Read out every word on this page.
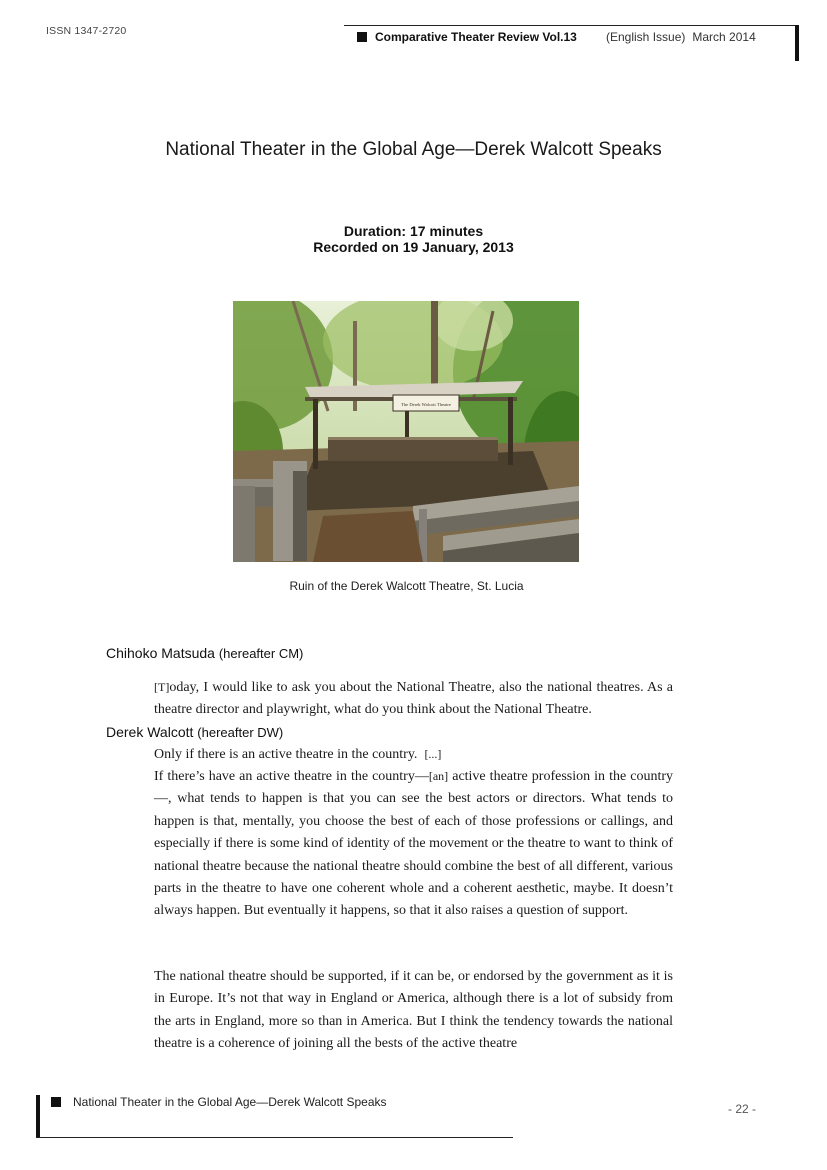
ISSN 1347-2720	Comparative Theater Review Vol.13 (English Issue) March 2014
National Theater in the Global Age—Derek Walcott Speaks
Duration: 17 minutes
Recorded on 19 January, 2013
The Derek Walcott Theatre
Ruin of the Derek Walcott Theatre, St. Lucia
Chihoko Matsuda (hereafter CM)
[T]oday, I would like to ask you about the National Theatre, also the national theatres. As a theatre director and playwright, what do you think about the National Theatre.
Derek Walcott (hereafter DW)
Only if there is an active theatre in the country. [...]
If there’s have an active theatre in the country—[an] active theatre profession in the country—, what tends to happen is that you can see the best actors or directors. What tends to happen is that, mentally, you choose the best of each of those professions or callings, and especially if there is some kind of identity of the movement or the theatre to want to think of national theatre because the national theatre should combine the best of all different, various parts in the theatre to have one coherent whole and a coherent aesthetic, maybe. It doesn’t always happen. But eventually it happens, so that it also raises a question of support.
The national theatre should be supported, if it can be, or endorsed by the government as it is in Europe. It’s not that way in England or America, although there is a lot of subsidy from the arts in England, more so than in America. But I think the tendency towards the national theatre is a coherence of joining all the bests of the active theatre
National Theater in the Global Age—Derek Walcott Speaks	- 22 -
